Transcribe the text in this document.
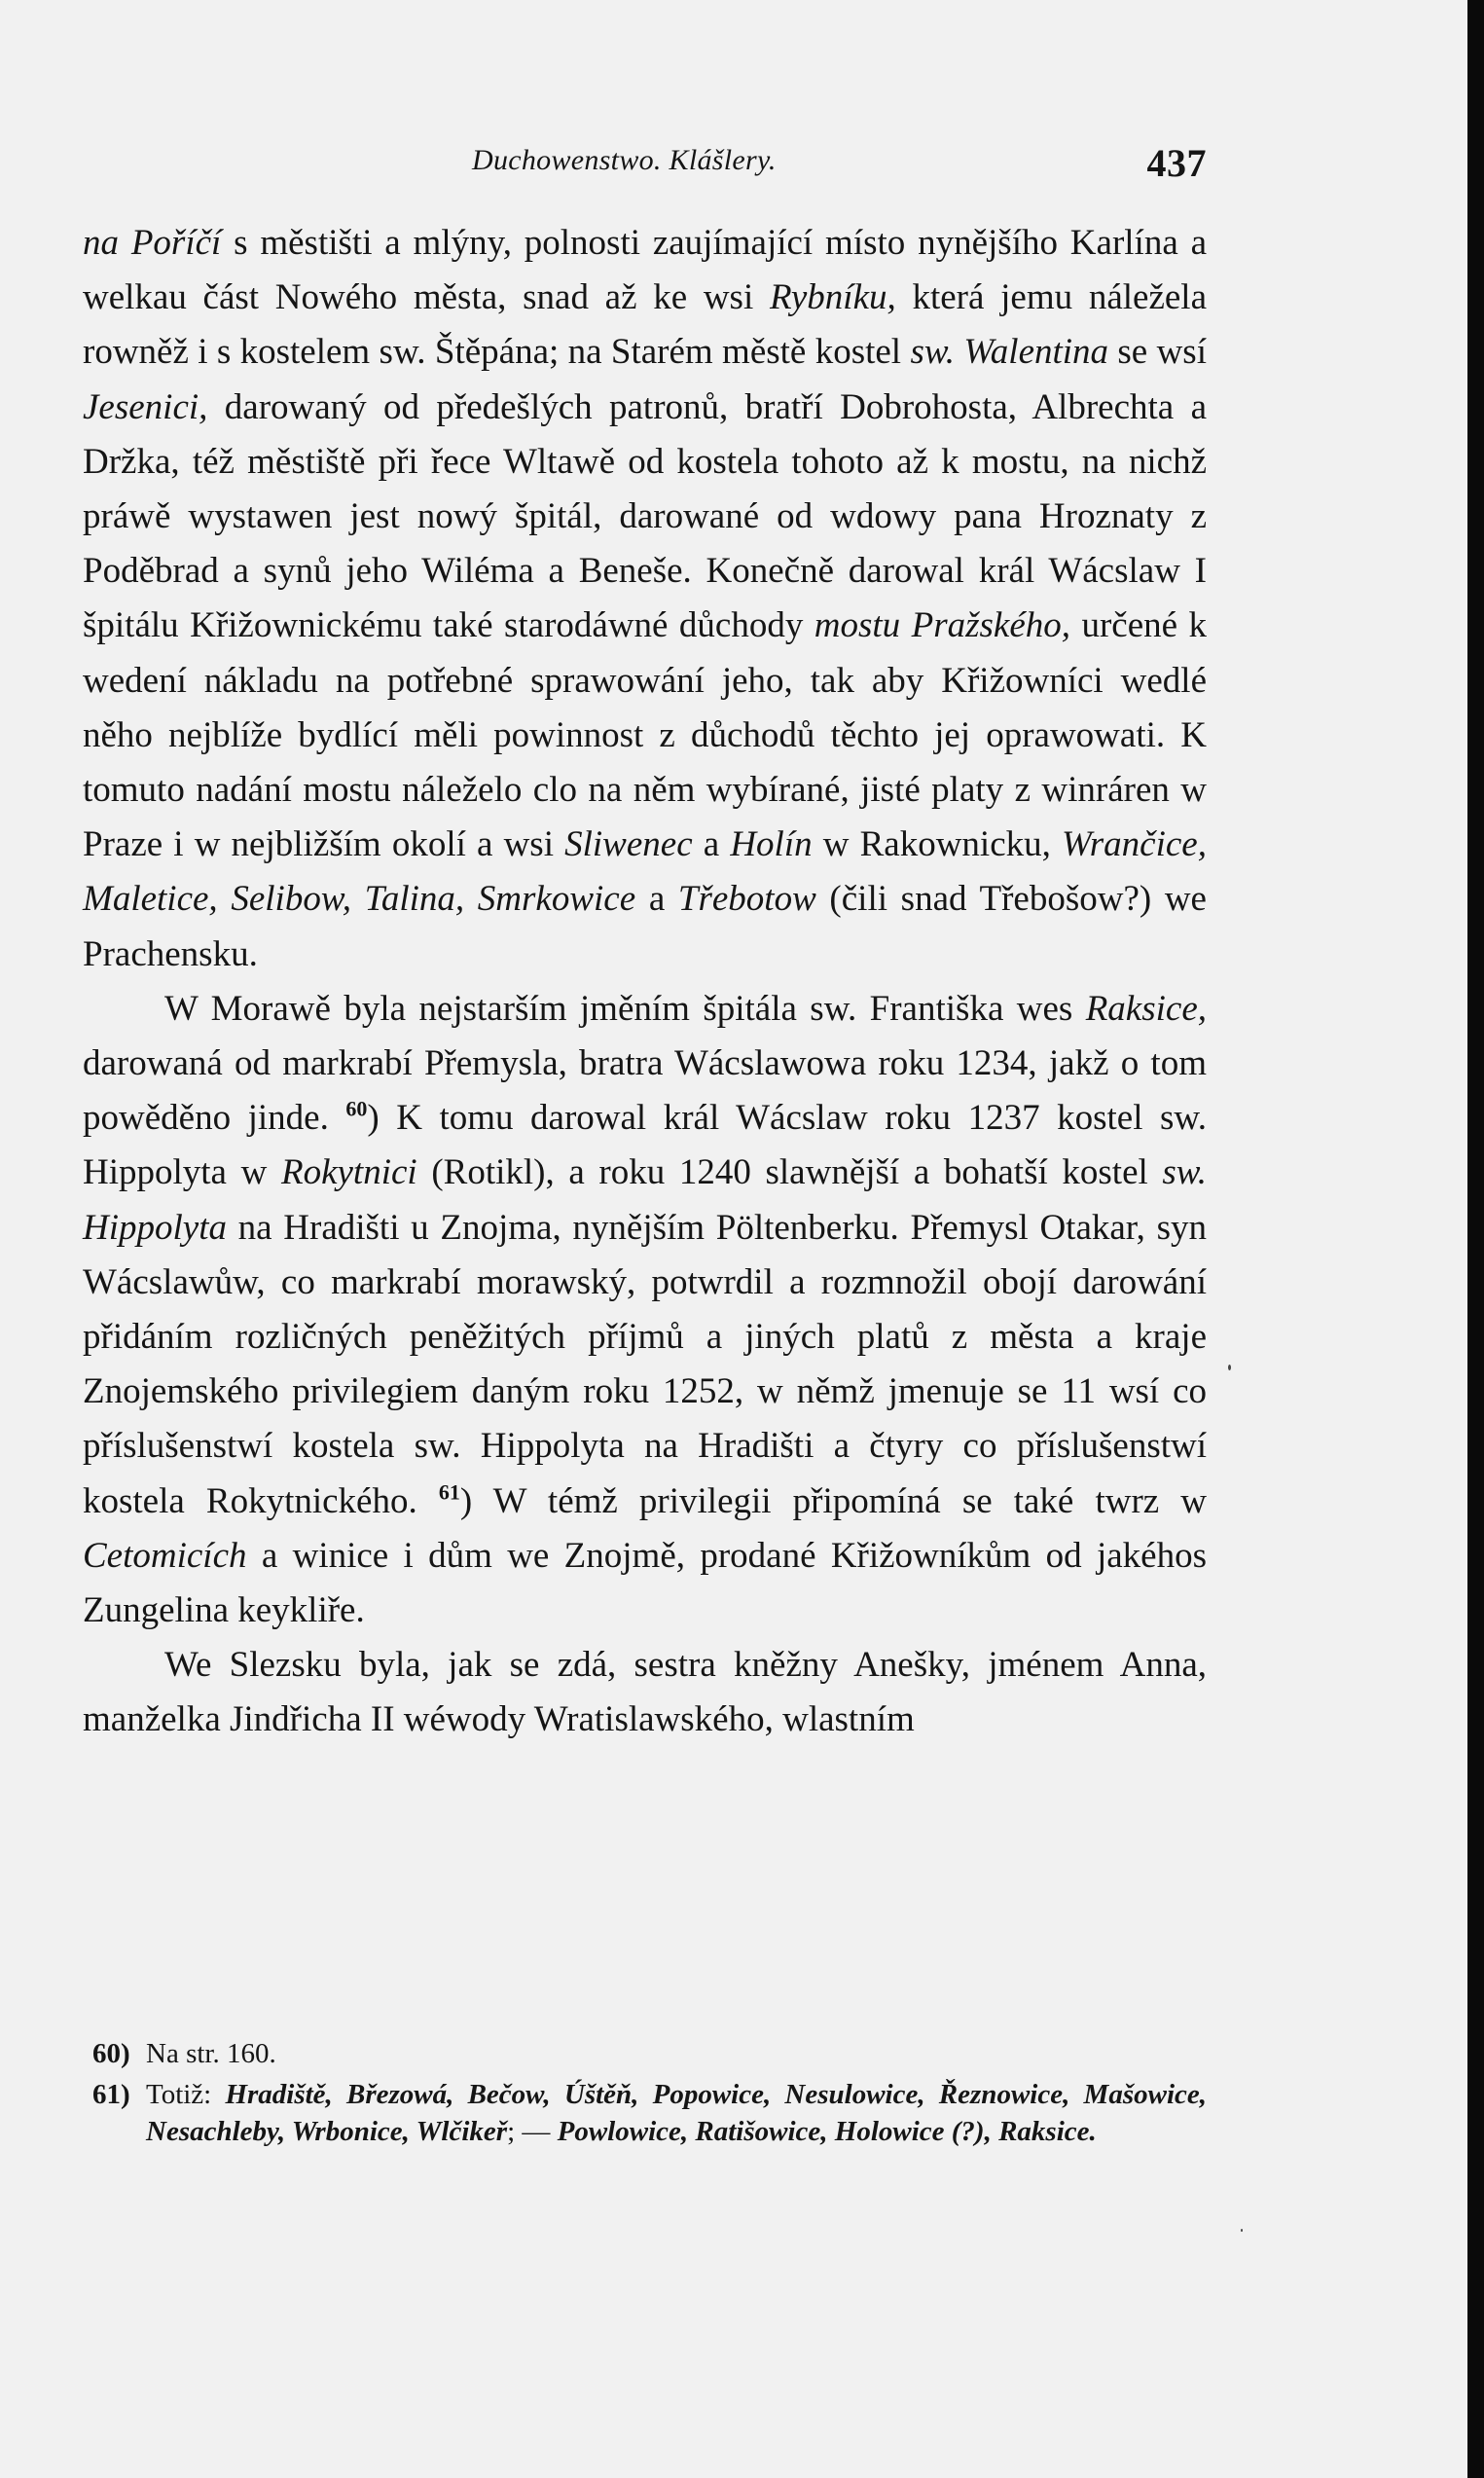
Duchowenstwo. Klášlery.	437

na Poříčí s městišti a mlýny, polnosti zaujímající místo nynějšího Karlína a welkau část Nowého města, snad až ke wsi Rybníku, která jemu náležela rowněž i s kostelem sw. Štěpána; na Starém městě kostel sw. Walentina se wsí Jesenici, darowaný od předešlých patronů, bratří Dobrohosta, Albrechta a Držka, též městiště při řece Wltawě od kostela tohoto až k mostu, na nichž práwě wystawen jest nowý špitál, darowané od wdowy pana Hroznaty z Poděbrad a synů jeho Wiléma a Beneše. Konečně darowal král Wácslaw I špitálu Křižownickému také starodáwné důchody mostu Pražského, určené k wedení nákladu na potřebné sprawowání jeho, tak aby Křižowníci wedlé něho nejblíže bydlící měli powinnost z důchodů těchto jej oprawowati. K tomuto nadání mostu náleželo clo na něm wybírané, jisté platy z winráren w Praze i w nejbližším okolí a wsi Sliwenec a Holín w Rakownicku, Wrančice, Maletice, Selibow, Talina, Smrkowice a Třebotow (čili snad Třebošow?) we Prachensku.

W Morawě byla nejstarším jměním špitála sw. Františka wes Raksice, darowaná od markrabí Přemysla, bratra Wácslawowa roku 1234, jakž o tom powěděno jinde. $^{60}$) K tomu darowal král Wácslaw roku 1237 kostel sw. Hippolyta w Rokytnici (Rotikl), a roku 1240 slawnější a bohatší kostel sw. Hippolyta na Hradišti u Znojma, nynějším Pöltenberku. Přemysl Otakar, syn Wácslawůw, co markrabí morawský, potwrdil a rozmnožil obojí darowání přidáním rozličných peněžitých příjmů a jiných platů z města a kraje Znojemského privilegiem daným roku 1252, w němž jmenuje se 11 wsí co příslušenstwí kostela sw. Hippolyta na Hradišti a čtyry co příslušenstwí kostela Rokytnického. $^{61}$) W témž privilegii připomíná se také twrz w Cetomicích a winice i dům we Znojmě, prodané Křižowníkům od jakéhos Zungelina keykliře.

We Slezsku byla, jak se zdá, sestra kněžny Anešky, jménem Anna, manželka Jindřicha II wéwody Wratislawského, wlastním

60) Na str. 160.
61) Totiž: Hradiště, Březowá, Bečow, Úštěň, Popowice, Nesulowice, Řeznowice, Mašowice, Nesachleby, Wrbonice, Wlčikeř; — Powlowice, Ratišowice, Holowice (?), Raksice.
